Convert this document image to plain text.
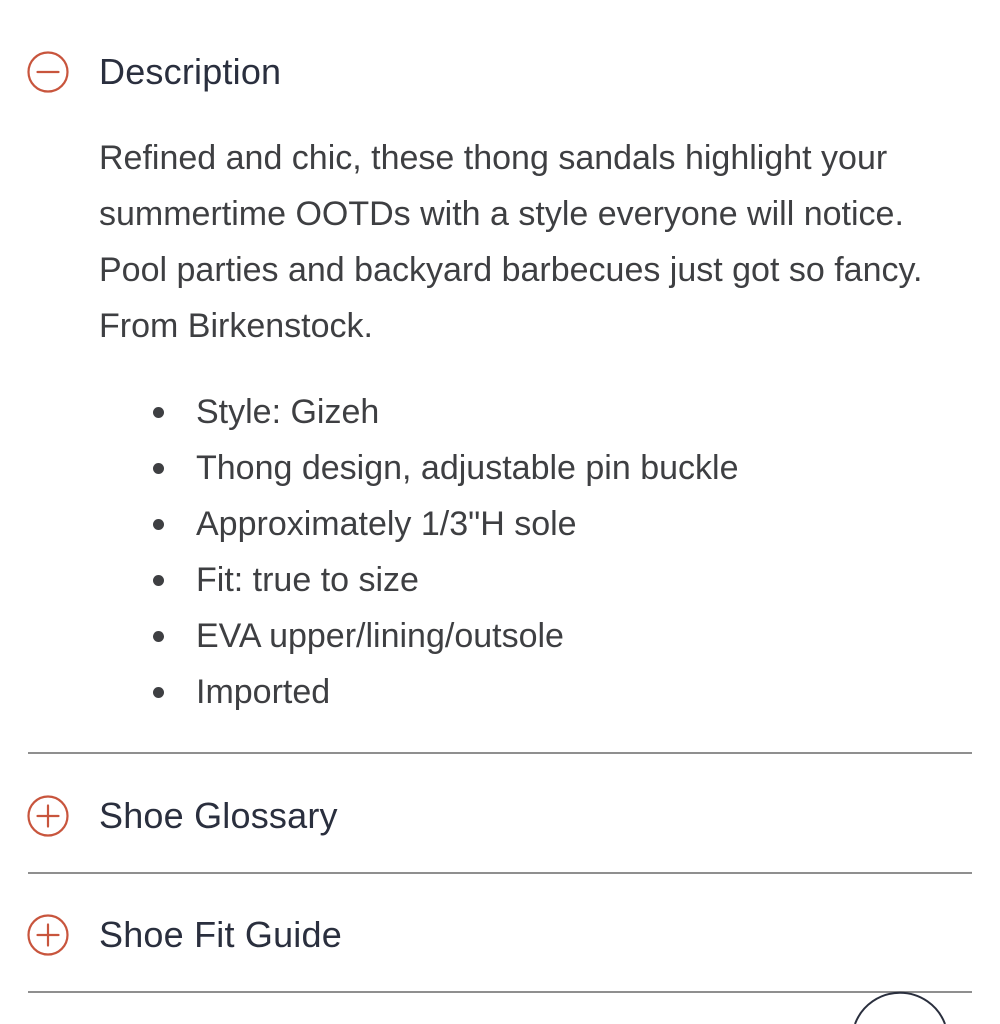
Description
Refined and chic, these thong sandals highlight your summertime OOTDs with a style everyone will notice. Pool parties and backyard barbecues just got so fancy. From Birkenstock.
Style: Gizeh
Thong design, adjustable pin buckle
Approximately 1/3"H sole
Fit: true to size
EVA upper/lining/outsole
Imported
Shoe Glossary
Shoe Fit Guide
